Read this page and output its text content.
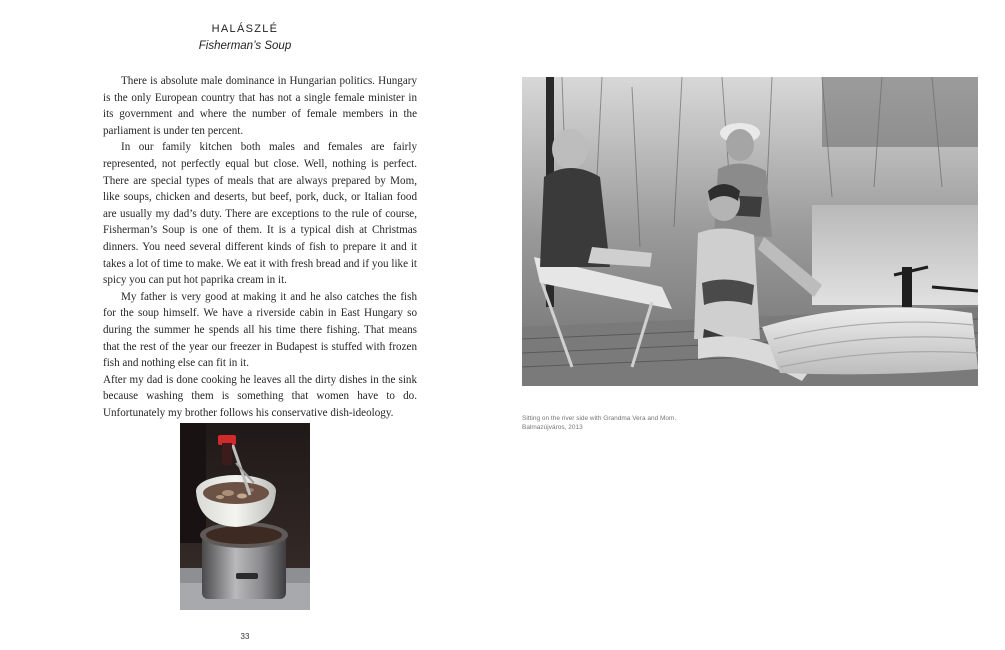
HALÁSZLÉ
Fisherman’s Soup

There is absolute male dominance in Hungarian politics. Hungary is the only European country that has not a single female minister in its government and where the number of female members in the parliament is under ten percent.

In our family kitchen both males and females are fairly represented, not perfectly equal but close. Well, nothing is perfect. There are special types of meals that are always prepared by Mom, like soups, chicken and deserts, but beef, pork, duck, or Italian food are usually my dad’s duty. There are exceptions to the rule of course, Fisherman’s Soup is one of them. It is a typical dish at Christmas dinners. You need several different kinds of fish to prepare it and it takes a lot of time to make. We eat it with fresh bread and if you like it spicy you can put hot paprika cream in it.

My father is very good at making it and he also catches the fish for the soup himself. We have a riverside cabin in East Hungary so during the summer he spends all his time there fishing. That means that the rest of the year our freezer in Budapest is stuffed with frozen fish and nothing else can fit in it.

After my dad is done cooking he leaves all the dirty dishes in the sink because washing them is something that women have to do. Unfortunately my brother follows his conservative dish-ideology.

33
Sitting on the river side with Grandma Vera and Mom.
Balmazújváros, 2013
